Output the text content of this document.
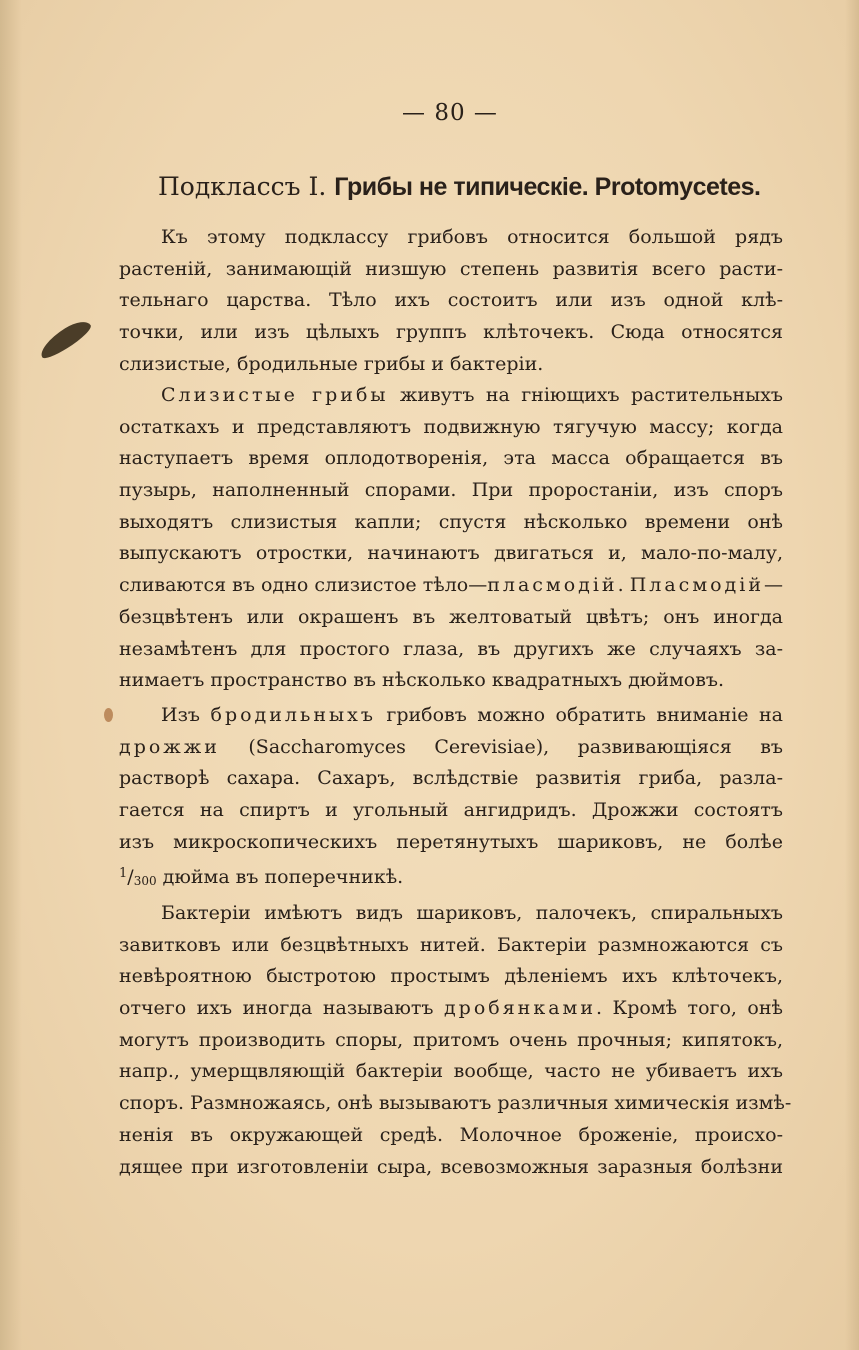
— 80 —
Подклассъ I. Грибы не типическіе. Protomycetes.
Къ этому подклассу грибовъ относится большой рядъ
растеній, занимающій низшую степень развитія всего расти-
тельнаго царства. Тѣло ихъ состоитъ или изъ одной клѣ-
точки, или изъ цѣлыхъ группъ клѣточекъ. Сюда относятся
слизистые, бродильные грибы и бактеріи.
Слизистые грибы живутъ на гніющихъ растительныхъ
остаткахъ и представляютъ подвижную тягучую массу; когда
наступаетъ время оплодотворенія, эта масса обращается въ
пузырь, наполненный спорами. При проростаніи, изъ споръ
выходятъ слизистыя капли; спустя нѣсколько времени онѣ
выпускаютъ отростки, начинаютъ двигаться и, мало-по-малу,
сливаются въ одно слизистое тѣло—плaсмодій. Плaсмодій—
безцвѣтенъ или окрашенъ въ желтоватый цвѣтъ; онъ иногда
незамѣтенъ для простого глаза, въ другихъ же случаяхъ за-
нимаетъ пространство въ нѣсколько квадратныхъ дюймовъ.
Изъ бродильныхъ грибовъ можно обратить вниманіе на
дрожжи (Saccharomyces Cerevisiae), развивающіяся въ
растворѣ сахара. Сахаръ, вслѣдствіе развитія гриба, разла-
гается на спиртъ и угольный ангидридъ. Дрожжи состоятъ
изъ микроскопическихъ перетянутыхъ шариковъ, не болѣе
$^1/_{300}$ дюйма въ поперечникѣ.
Бактеріи имѣютъ видъ шариковъ, палочекъ, спиральныхъ
завитковъ или безцвѣтныхъ нитей. Бактеріи размножаются съ
невѣроятною быстротою простымъ дѣленіемъ ихъ клѣточекъ,
отчего ихъ иногда называютъ дробянками. Кромѣ того, онѣ
могутъ производить споры, притомъ очень прочныя; кипятокъ,
напр., умерщвляющій бактеріи вообще, часто не убиваетъ ихъ
споръ. Размножаясь, онѣ вызываютъ различныя химическія измѣ-
ненія въ окружающей средѣ. Молочное броженіе, происхо-
дящее при изготовленіи сыра, всевозможныя заразныя болѣзни
